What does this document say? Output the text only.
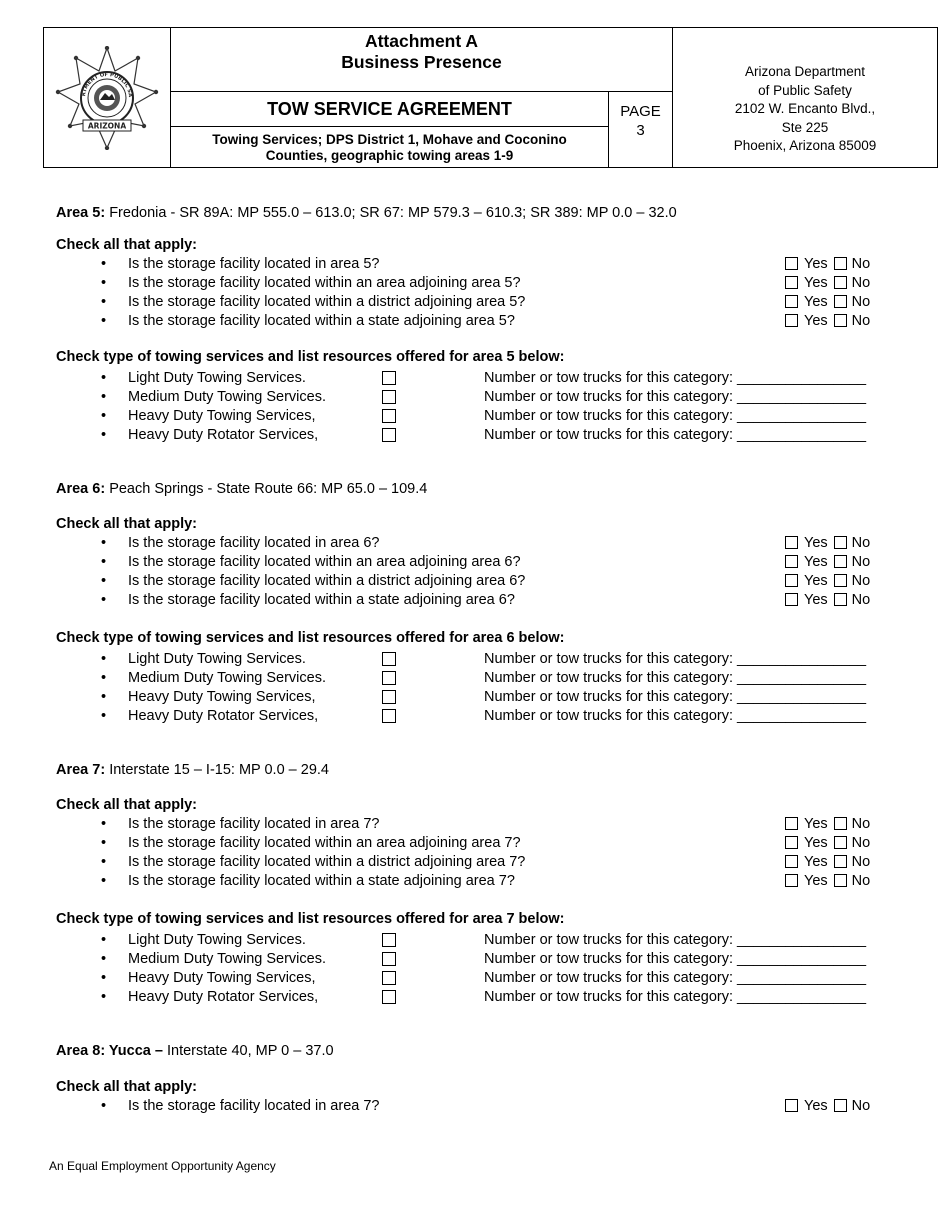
RTMENT OF PUBLIC SA
ARIZONA
Attachment A
Business Presence
TOW SERVICE AGREEMENT
Towing Services; DPS District 1, Mohave and Coconino
Counties, geographic towing areas 1-9
PAGE
3
Arizona Department
of Public Safety
2102 W. Encanto Blvd.,
Ste 225
Phoenix, Arizona 85009
Area 5: Fredonia - SR 89A: MP 555.0 – 613.0; SR 67: MP 579.3 – 610.3; SR 389: MP 0.0 – 32.0
Check all that apply:
• Is the storage facility located in area 5?	Yes No
• Is the storage facility located within an area adjoining area 5?	Yes No
• Is the storage facility located within a district adjoining area 5?	Yes No
• Is the storage facility located within a state adjoining area 5?	Yes No
Check type of towing services and list resources offered for area 5 below:
• Light Duty Towing Services.	Number or tow trucks for this category: ________________
• Medium Duty Towing Services.	Number or tow trucks for this category: ________________
• Heavy Duty Towing Services,	Number or tow trucks for this category: ________________
• Heavy Duty Rotator Services,	Number or tow trucks for this category: ________________
Area 6: Peach Springs - State Route 66: MP 65.0 – 109.4
Check all that apply:
• Is the storage facility located in area 6?	Yes No
• Is the storage facility located within an area adjoining area 6?	Yes No
• Is the storage facility located within a district adjoining area 6?	Yes No
• Is the storage facility located within a state adjoining area 6?	Yes No
Check type of towing services and list resources offered for area 6 below:
• Light Duty Towing Services.	Number or tow trucks for this category: ________________
• Medium Duty Towing Services.	Number or tow trucks for this category: ________________
• Heavy Duty Towing Services,	Number or tow trucks for this category: ________________
• Heavy Duty Rotator Services,	Number or tow trucks for this category: ________________
Area 7: Interstate 15 – I-15: MP 0.0 – 29.4
Check all that apply:
• Is the storage facility located in area 7?	Yes No
• Is the storage facility located within an area adjoining area 7?	Yes No
• Is the storage facility located within a district adjoining area 7?	Yes No
• Is the storage facility located within a state adjoining area 7?	Yes No
Check type of towing services and list resources offered for area 7 below:
• Light Duty Towing Services.	Number or tow trucks for this category: ________________
• Medium Duty Towing Services.	Number or tow trucks for this category: ________________
• Heavy Duty Towing Services,	Number or tow trucks for this category: ________________
• Heavy Duty Rotator Services,	Number or tow trucks for this category: ________________
Area 8: Yucca – Interstate 40, MP 0 – 37.0
Check all that apply:
• Is the storage facility located in area 7?	Yes No
An Equal Employment Opportunity Agency
